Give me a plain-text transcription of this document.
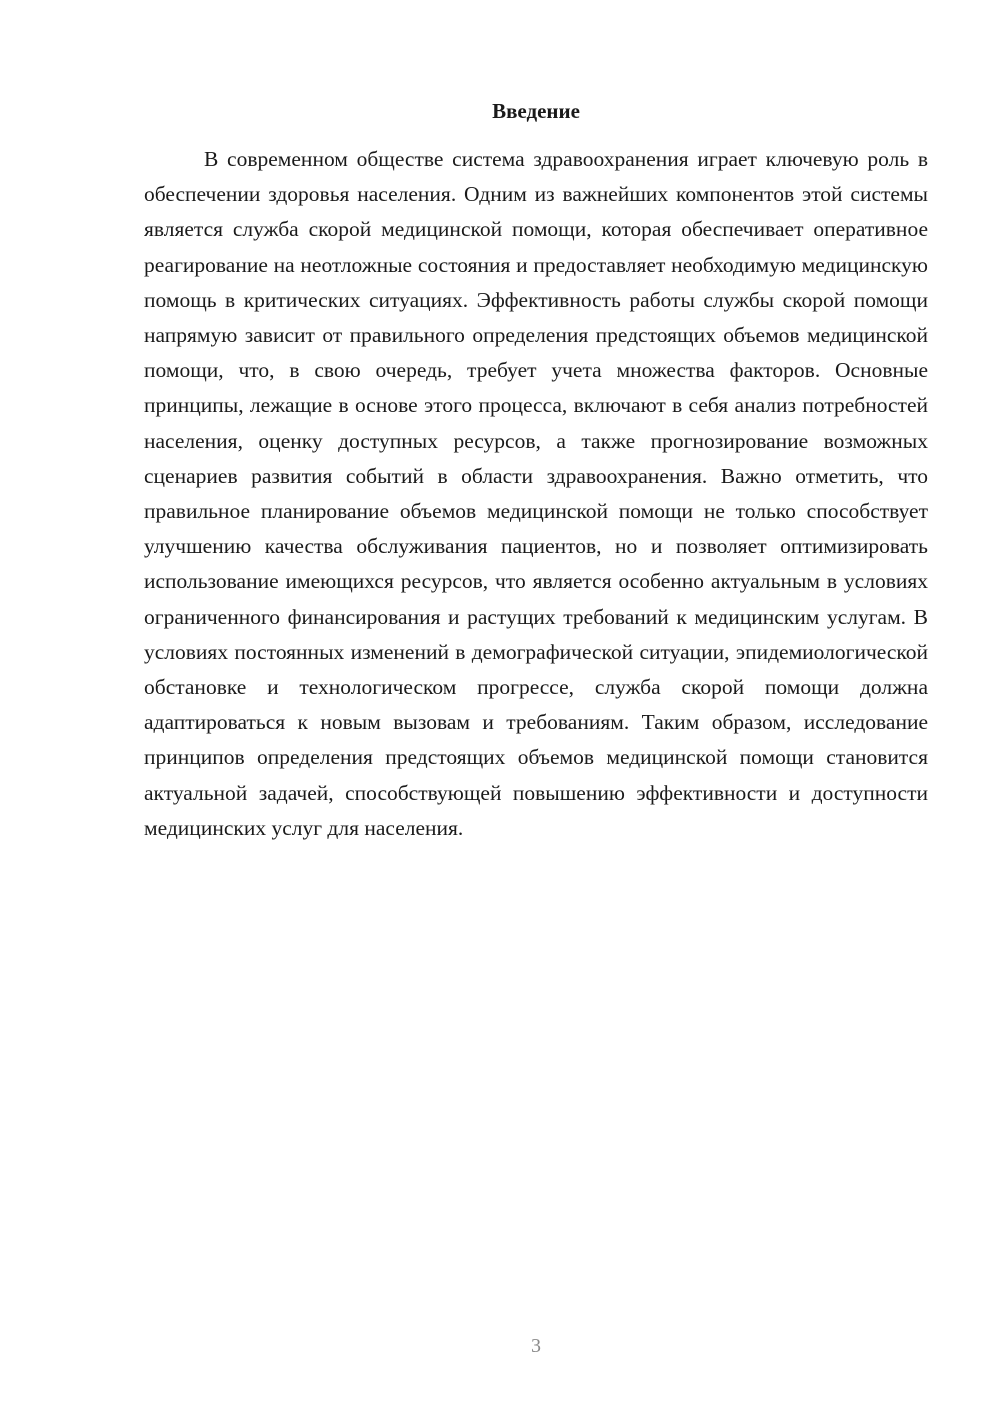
Введение

В современном обществе система здравоохранения играет ключевую роль в обеспечении здоровья населения. Одним из важнейших компонентов этой системы является служба скорой медицинской помощи, которая обеспечивает оперативное реагирование на неотложные состояния и предоставляет необходимую медицинскую помощь в критических ситуациях. Эффективность работы службы скорой помощи напрямую зависит от правильного определения предстоящих объемов медицинской помощи, что, в свою очередь, требует учета множества факторов. Основные принципы, лежащие в основе этого процесса, включают в себя анализ потребностей населения, оценку доступных ресурсов, а также прогнозирование возможных сценариев развития событий в области здравоохранения. Важно отметить, что правильное планирование объемов медицинской помощи не только способствует улучшению качества обслуживания пациентов, но и позволяет оптимизировать использование имеющихся ресурсов, что является особенно актуальным в условиях ограниченного финансирования и растущих требований к медицинским услугам. В условиях постоянных изменений в демографической ситуации, эпидемиологической обстановке и технологическом прогрессе, служба скорой помощи должна адаптироваться к новым вызовам и требованиям. Таким образом, исследование принципов определения предстоящих объемов медицинской помощи становится актуальной задачей, способствующей повышению эффективности и доступности медицинских услуг для населения.

3
